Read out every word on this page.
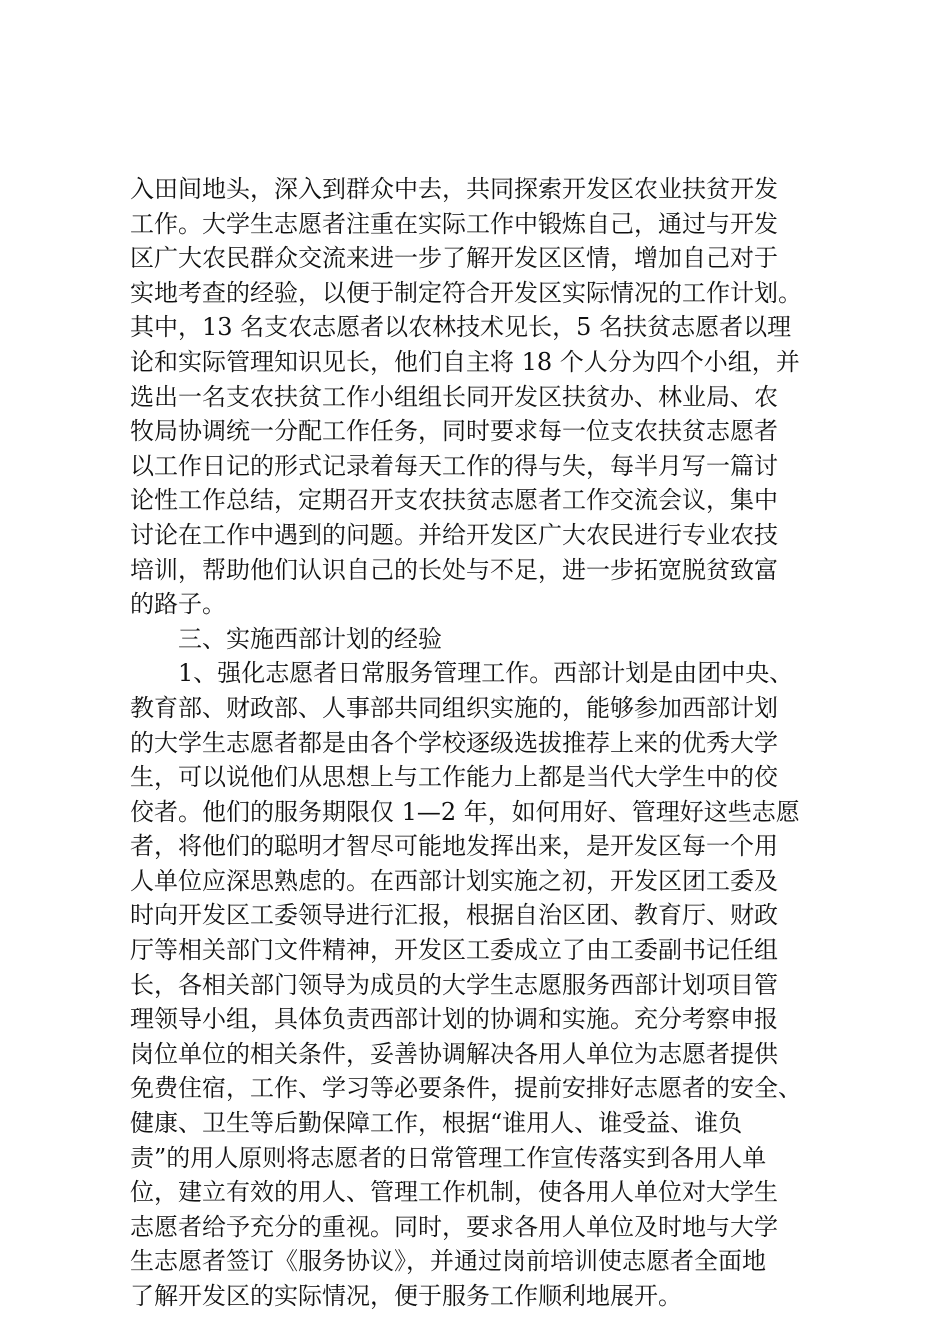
入田间地头，深入到群众中去，共同探索开发区农业扶贫开发
工作。大学生志愿者注重在实际工作中锻炼自己，通过与开发
区广大农民群众交流来进一步了解开发区区情，增加自己对于
实地考查的经验，以便于制定符合开发区实际情况的工作计划。
其中，13 名支农志愿者以农林技术见长，5 名扶贫志愿者以理
论和实际管理知识见长，他们自主将 18 个人分为四个小组，并
选出一名支农扶贫工作小组组长同开发区扶贫办、林业局、农
牧局协调统一分配工作任务，同时要求每一位支农扶贫志愿者
以工作日记的形式记录着每天工作的得与失，每半月写一篇讨
论性工作总结，定期召开支农扶贫志愿者工作交流会议，集中
讨论在工作中遇到的问题。并给开发区广大农民进行专业农技
培训，帮助他们认识自己的长处与不足，进一步拓宽脱贫致富
的路子。
　　三、实施西部计划的经验
　　1、强化志愿者日常服务管理工作。西部计划是由团中央、
教育部、财政部、人事部共同组织实施的，能够参加西部计划
的大学生志愿者都是由各个学校逐级选拔推荐上来的优秀大学
生，可以说他们从思想上与工作能力上都是当代大学生中的佼
佼者。他们的服务期限仅 1—2 年，如何用好、管理好这些志愿
者，将他们的聪明才智尽可能地发挥出来，是开发区每一个用
人单位应深思熟虑的。在西部计划实施之初，开发区团工委及
时向开发区工委领导进行汇报，根据自治区团、教育厅、财政
厅等相关部门文件精神，开发区工委成立了由工委副书记任组
长，各相关部门领导为成员的大学生志愿服务西部计划项目管
理领导小组，具体负责西部计划的协调和实施。充分考察申报
岗位单位的相关条件，妥善协调解决各用人单位为志愿者提供
免费住宿，工作、学习等必要条件，提前安排好志愿者的安全、
健康、卫生等后勤保障工作，根据“谁用人、谁受益、谁负
责”的用人原则将志愿者的日常管理工作宣传落实到各用人单
位，建立有效的用人、管理工作机制，使各用人单位对大学生
志愿者给予充分的重视。同时，要求各用人单位及时地与大学
生志愿者签订《服务协议》，并通过岗前培训使志愿者全面地
了解开发区的实际情况，便于服务工作顺利地展开。
